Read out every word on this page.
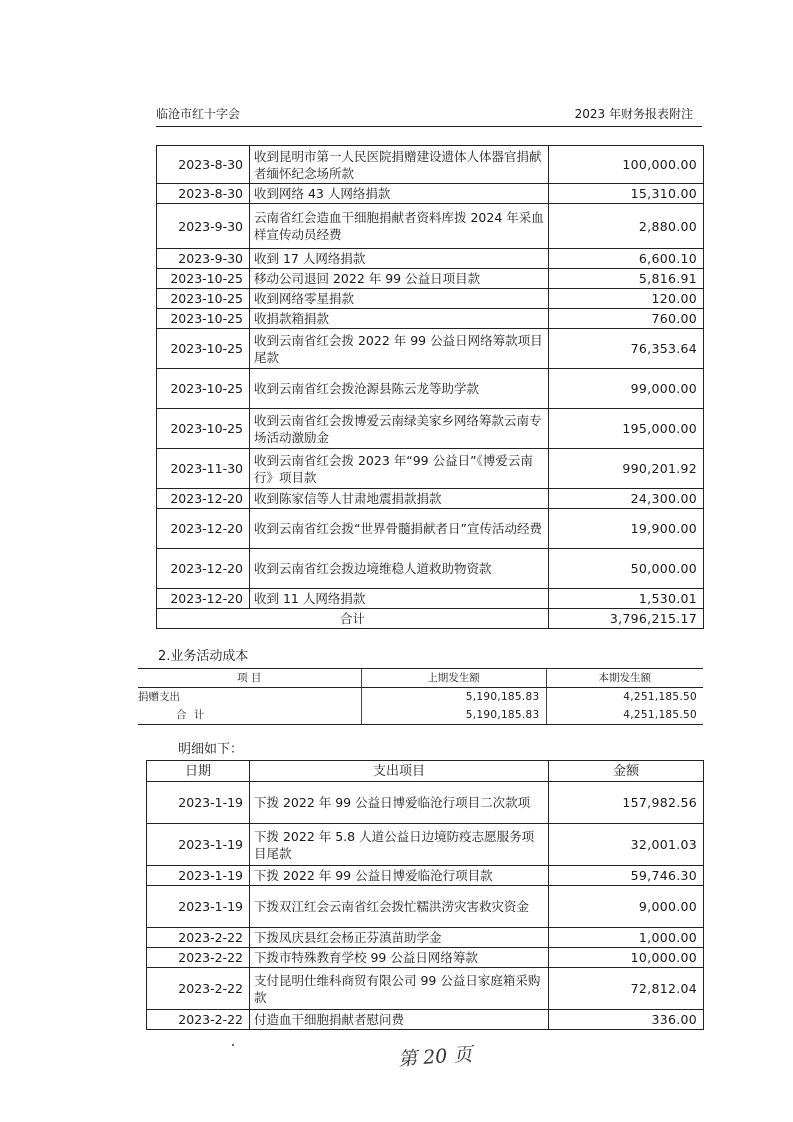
临沧市红十字会	2023 年财务报表附注
2023-8-30	收到昆明市第一人民医院捐赠建设遗体人体器官捐献者缅怀纪念场所款	100,000.00
2023-8-30	收到网络 43 人网络捐款	15,310.00
2023-9-30	云南省红会造血干细胞捐献者资料库拨 2024 年采血样宣传动员经费	2,880.00
2023-9-30	收到 17 人网络捐款	6,600.10
2023-10-25	移动公司退回 2022 年 99 公益日项目款	5,816.91
2023-10-25	收到网络零星捐款	120.00
2023-10-25	收捐款箱捐款	760.00
2023-10-25	收到云南省红会拨 2022 年 99 公益日网络筹款项目尾款	76,353.64
2023-10-25	收到云南省红会拨沧源县陈云龙等助学款	99,000.00
2023-10-25	收到云南省红会拨博爱云南绿美家乡网络筹款云南专场活动激励金	195,000.00
2023-11-30	收到云南省红会拨 2023 年“99 公益日”《博爱云南行》项目款	990,201.92
2023-12-20	收到陈家信等人甘肃地震捐款捐款	24,300.00
2023-12-20	收到云南省红会拨“世界骨髓捐献者日”宣传活动经费	19,900.00
2023-12-20	收到云南省红会拨边境维稳人道救助物资款	50,000.00
2023-12-20	收到 11 人网络捐款	1,530.01
合计		3,796,215.17
2.业务活动成本
项 目	上期发生额	本期发生额
捐赠支出	5,190,185.83	4,251,185.50
合 计	5,190,185.83	4,251,185.50
明细如下：
日期	支出项目	金额
2023-1-19	下拨 2022 年 99 公益日博爱临沧行项目二次款项	157,982.56
2023-1-19	下拨 2022 年 5.8 人道公益日边境防疫志愿服务项目尾款	32,001.03
2023-1-19	下拨 2022 年 99 公益日博爱临沧行项目款	59,746.30
2023-1-19	下拨双江红会云南省红会拨忙糯洪涝灾害救灾资金	9,000.00
2023-2-22	下拨凤庆县红会杨正芬滇苗助学金	1,000.00
2023-2-22	下拨市特殊教育学校 99 公益日网络筹款	10,000.00
2023-2-22	支付昆明仕维科商贸有限公司 99 公益日家庭箱采购款	72,812.04
2023-2-22	付造血干细胞捐献者慰问费	336.00
第 20 页
